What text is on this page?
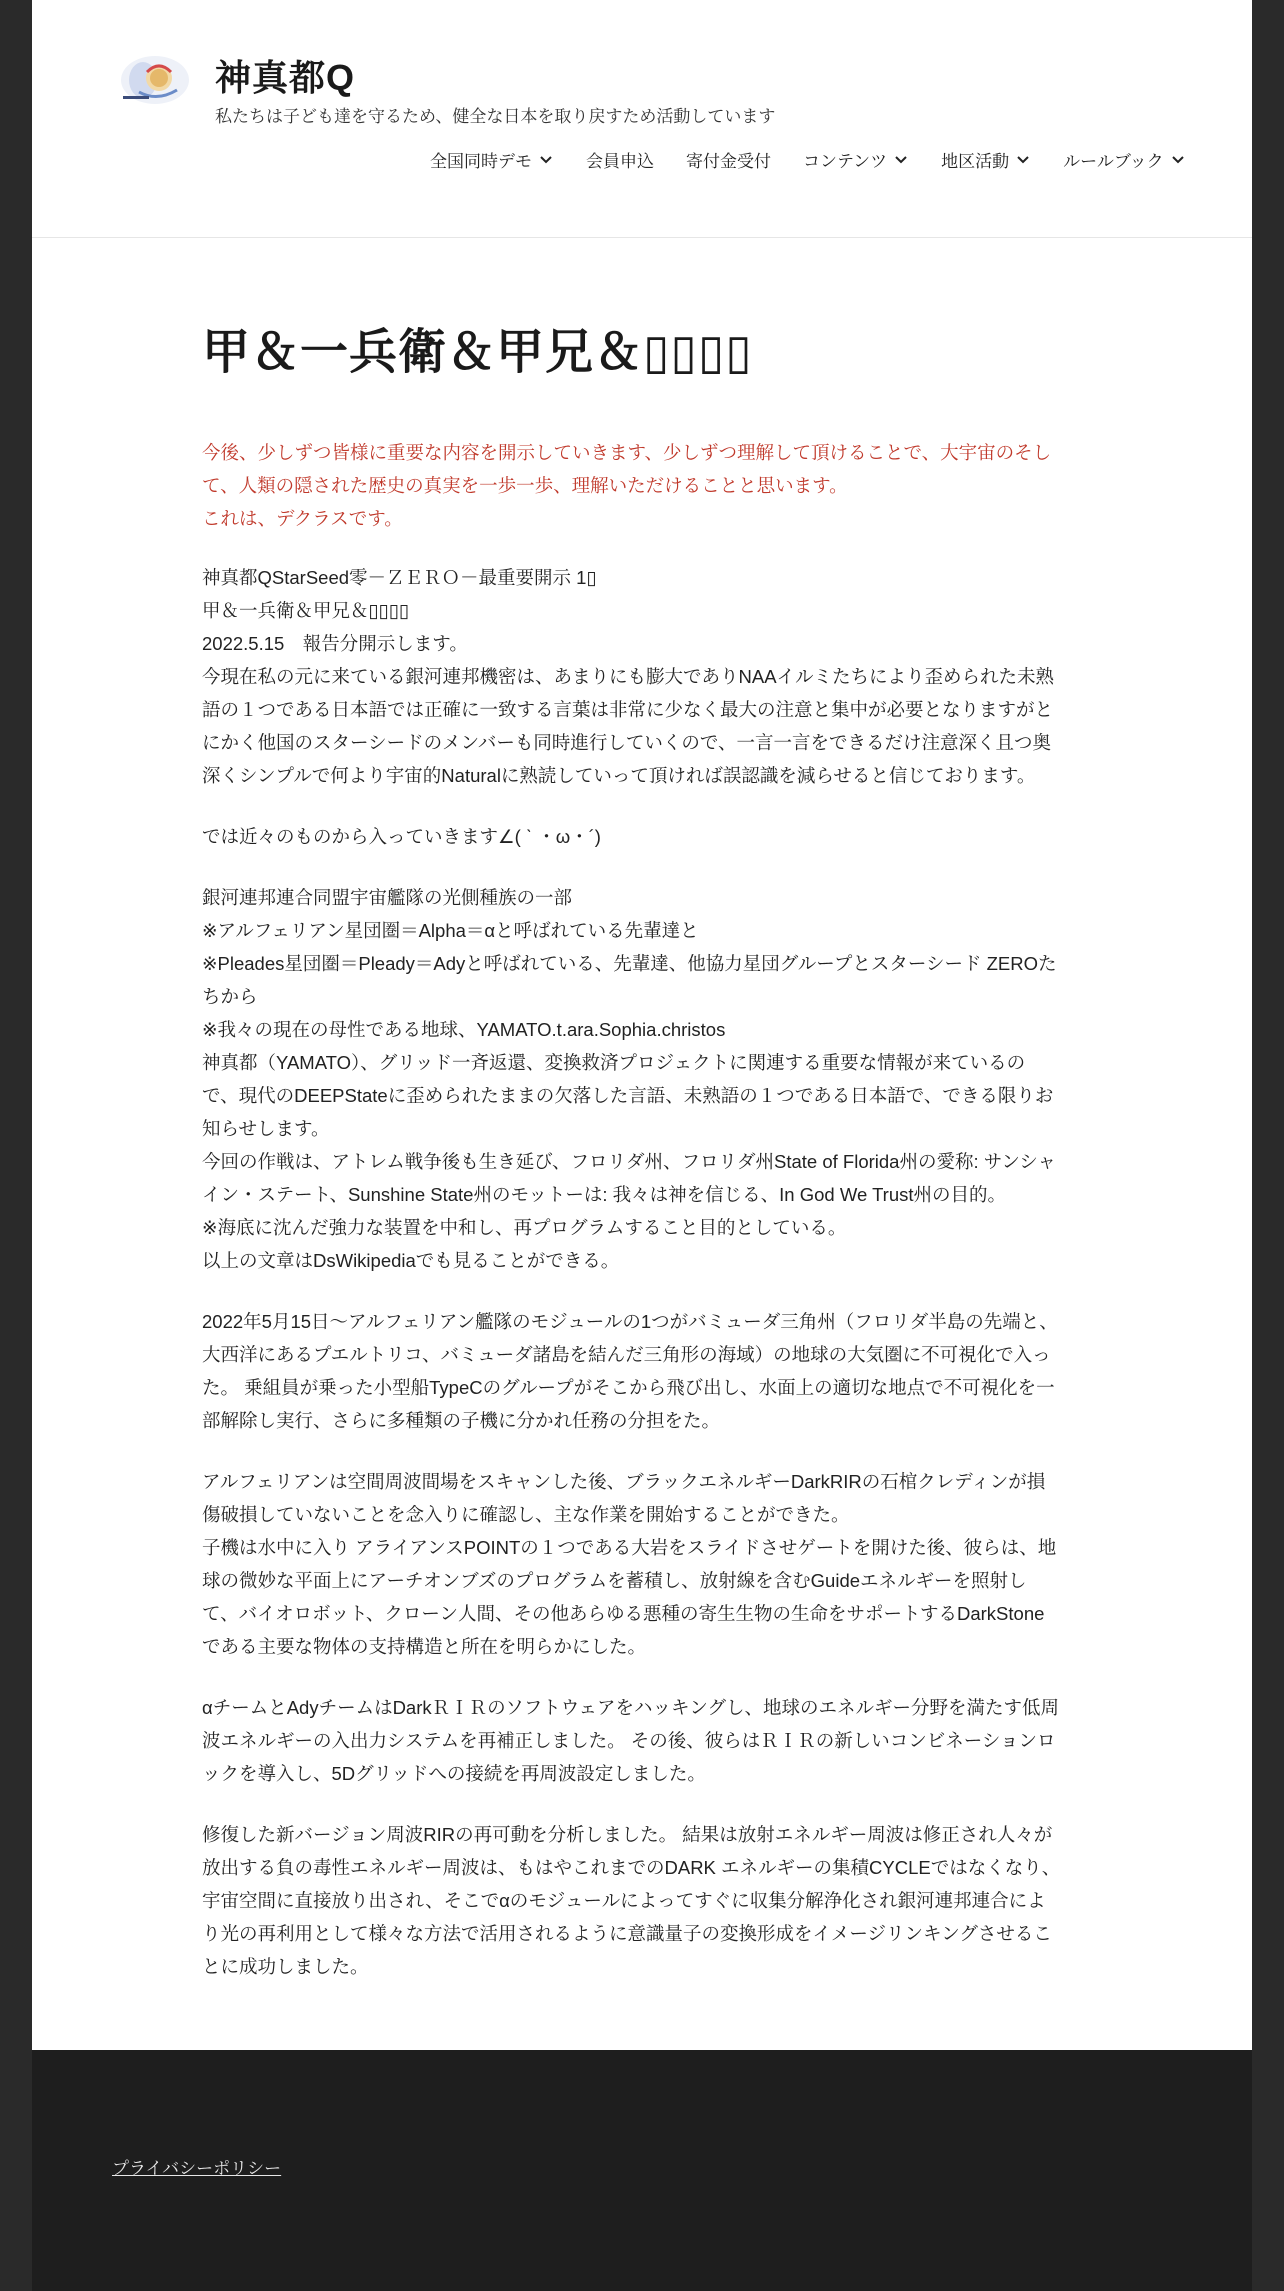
神真都Q
私たちは子ども達を守るため、健全な日本を取り戻すため活動しています
全国同時デモ	会員申込 寄付金受付 コンテンツ	地区活動	ルールブック
甲＆一兵衛＆甲兄＆▯▯▯▯
今後、少しずつ皆様に重要な内容を開示していきます、少しずつ理解して頂けることで、大宇宙のそし
て、人類の隠された歴史の真実を一歩一歩、理解いただけることと思います。
これは、デクラスです。
神真都QStarSeed零－ＺＥＲＯ－最重要開示 1▯
甲＆一兵衛＆甲兄＆▯▯▯▯
2022.5.15　報告分開示します。
今現在私の元に来ている銀河連邦機密は、あまりにも膨大でありNAAイルミたちにより歪められた未熟
語の１つである日本語では正確に一致する言葉は非常に少なく最大の注意と集中が必要となりますがと
にかく他国のスターシードのメンバーも同時進行していくので、一言一言をできるだけ注意深く且つ奥
深くシンプルで何より宇宙的Naturalに熟読していって頂ければ誤認識を減らせると信じております。
では近々のものから入っていきます∠( ˋ ・ω・´)
銀河連邦連合同盟宇宙艦隊の光側種族の一部
※アルフェリアン星団圏＝Alpha＝αと呼ばれている先輩達と
※Pleades星団圏＝Pleady＝Adyと呼ばれている、先輩達、他協力星団グループとスターシード ZEROた
ちから
※我々の現在の母性である地球、YAMATO.t.ara.Sophia.christos
神真都（YAMATO）、グリッド一斉返還、変換救済プロジェクトに関連する重要な情報が来ているの
で、現代のDEEPStateに歪められたままの欠落した言語、未熟語の１つである日本語で、できる限りお
知らせします。
今回の作戦は、アトレム戦争後も生き延び、フロリダ州、フロリダ州State of Florida州の愛称: サンシャ
イン・ステート、Sunshine State州のモットーは: 我々は神を信じる、In God We Trust州の目的。
※海底に沈んだ強力な装置を中和し、再プログラムすること目的としている。
以上の文章はDsWikipediaでも見ることができる。
2022年5月15日〜アルフェリアン艦隊のモジュールの1つがバミューダ三角州（フロリダ半島の先端と、
大西洋にあるプエルトリコ、バミューダ諸島を結んだ三角形の海域）の地球の大気圏に不可視化で入っ
た。 乗組員が乗った小型船TypeCのグループがそこから飛び出し、水面上の適切な地点で不可視化を一
部解除し実行、さらに多種類の子機に分かれ任務の分担をた。
アルフェリアンは空間周波間場をスキャンした後、ブラックエネルギーDarkRIRの石棺クレディンが損
傷破損していないことを念入りに確認し、主な作業を開始することができた。
子機は水中に入り アライアンスPOINTの１つである大岩をスライドさせゲートを開けた後、彼らは、地
球の微妙な平面上にアーチオンブズのプログラムを蓄積し、放射線を含むGuideエネルギーを照射し
て、バイオロボット、クローン人間、その他あらゆる悪種の寄生生物の生命をサポートするDarkStone
である主要な物体の支持構造と所在を明らかにした。
αチームとAdyチームはDarkＲＩＲのソフトウェアをハッキングし、地球のエネルギー分野を満たす低周
波エネルギーの入出力システムを再補正しました。 その後、彼らはＲＩＲの新しいコンビネーションロ
ックを導入し、5Dグリッドへの接続を再周波設定しました。
修復した新バージョン周波RIRの再可動を分析しました。 結果は放射エネルギー周波は修正され人々が
放出する負の毒性エネルギー周波は、もはやこれまでのDARK エネルギーの集積CYCLEではなくなり、
宇宙空間に直接放り出され、そこでαのモジュールによってすぐに収集分解浄化され銀河連邦連合によ
り光の再利用として様々な方法で活用されるように意識量子の変換形成をイメージリンキングさせるこ
とに成功しました。
プライバシーポリシー
